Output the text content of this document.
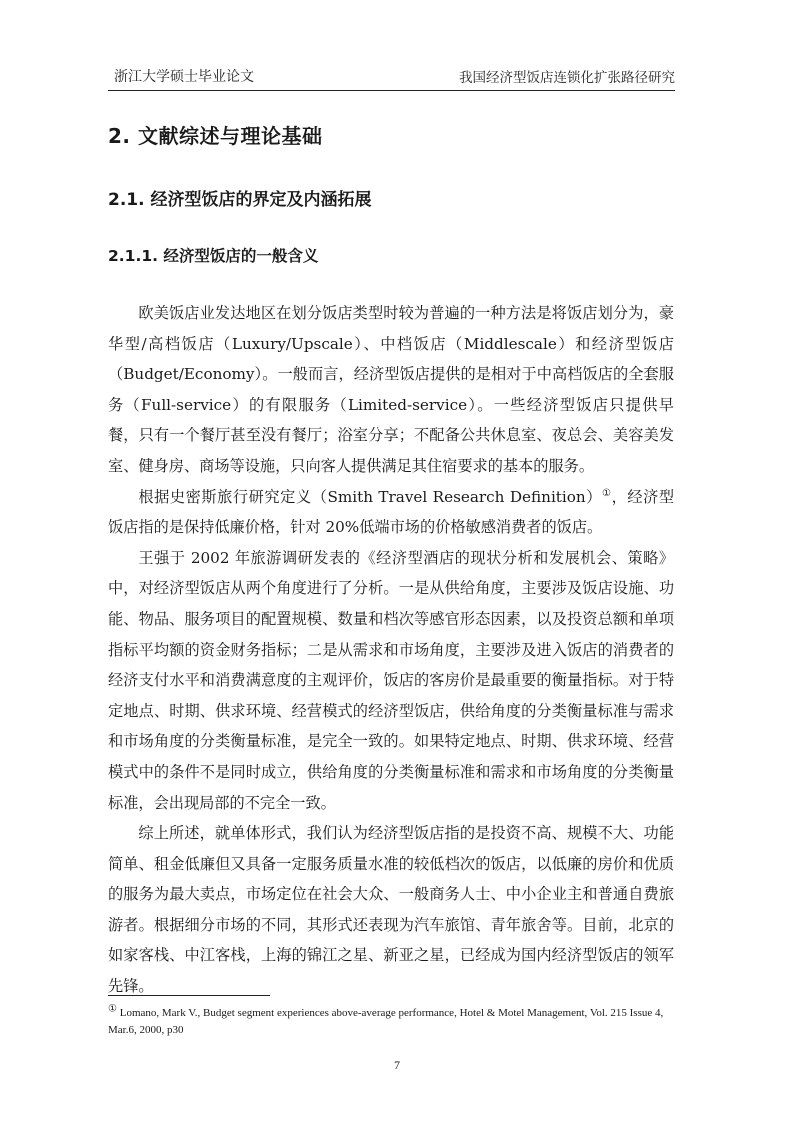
浙江大学硕士毕业论文	我国经济型饭店连锁化扩张路径研究
2. 文献综述与理论基础
2.1. 经济型饭店的界定及内涵拓展
2.1.1. 经济型饭店的一般含义

欧美饭店业发达地区在划分饭店类型时较为普遍的一种方法是将饭店划分为，豪华型/高档饭店（Luxury/Upscale）、中档饭店（Middlescale）和经济型饭店（Budget/Economy）。一般而言，经济型饭店提供的是相对于中高档饭店的全套服务（Full-service）的有限服务（Limited-service）。一些经济型饭店只提供早餐，只有一个餐厅甚至没有餐厅；浴室分享；不配备公共休息室、夜总会、美容美发室、健身房、商场等设施，只向客人提供满足其住宿要求的基本的服务。

根据史密斯旅行研究定义（Smith Travel Research Definition）①，经济型饭店指的是保持低廉价格，针对 20%低端市场的价格敏感消费者的饭店。

王强于 2002 年旅游调研发表的《经济型酒店的现状分析和发展机会、策略》中，对经济型饭店从两个角度进行了分析。一是从供给角度，主要涉及饭店设施、功能、物品、服务项目的配置规模、数量和档次等感官形态因素，以及投资总额和单项指标平均额的资金财务指标；二是从需求和市场角度，主要涉及进入饭店的消费者的经济支付水平和消费满意度的主观评价，饭店的客房价是最重要的衡量指标。对于特定地点、时期、供求环境、经营模式的经济型饭店，供给角度的分类衡量标准与需求和市场角度的分类衡量标准，是完全一致的。如果特定地点、时期、供求环境、经营模式中的条件不是同时成立，供给角度的分类衡量标准和需求和市场角度的分类衡量标准，会出现局部的不完全一致。

综上所述，就单体形式，我们认为经济型饭店指的是投资不高、规模不大、功能简单、租金低廉但又具备一定服务质量水准的较低档次的饭店，以低廉的房价和优质的服务为最大卖点，市场定位在社会大众、一般商务人士、中小企业主和普通自费旅游者。根据细分市场的不同，其形式还表现为汽车旅馆、青年旅舍等。目前，北京的如家客栈、中江客栈，上海的锦江之星、新亚之星，已经成为国内经济型饭店的领军先锋。

① Lomano, Mark V., Budget segment experiences above-average performance, Hotel & Motel Management, Vol. 215 Issue 4, Mar.6, 2000, p30
7
